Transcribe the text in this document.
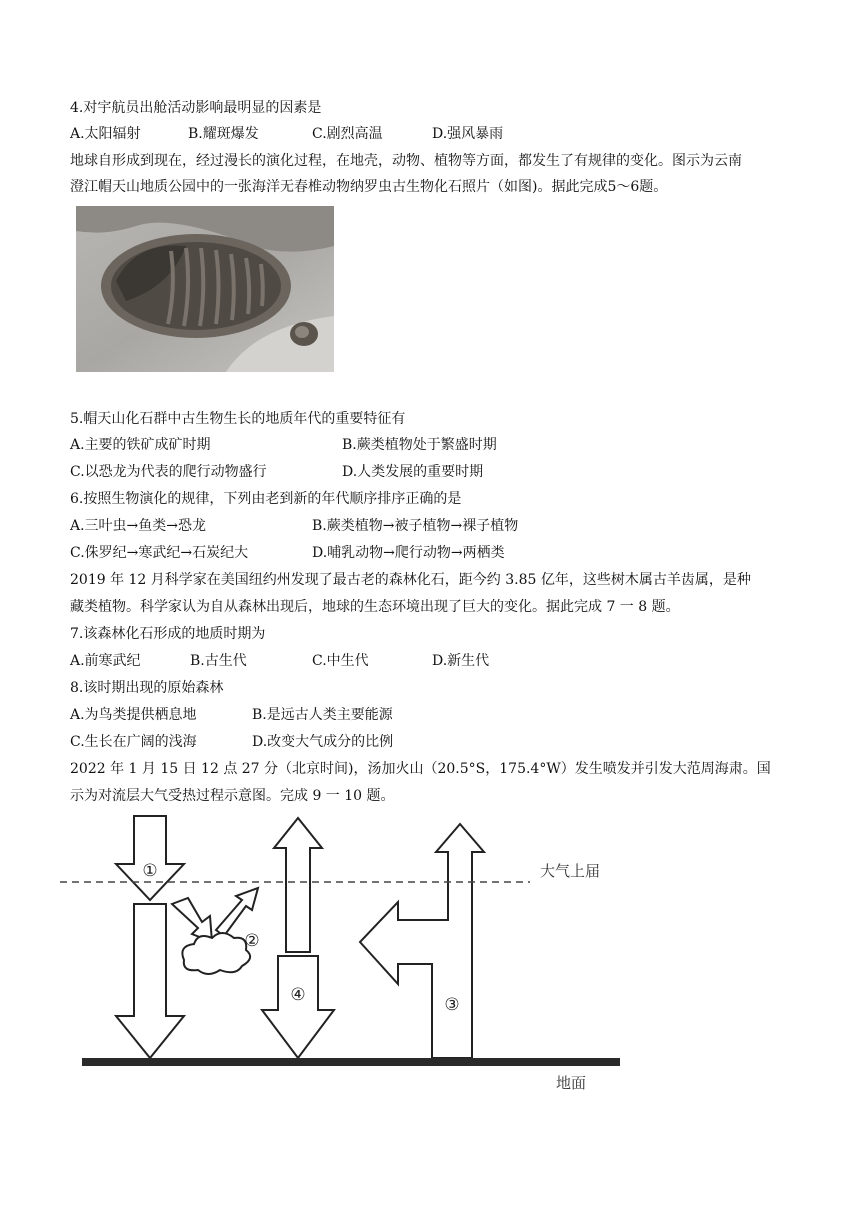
4.对宇航员出舱活动影响最明显的因素是
A.太阳辐射	B.耀斑爆发	C.剧烈高温	D.强风暴雨
地球自形成到现在，经过漫长的演化过程，在地壳，动物、植物等方面，都发生了有规律的变化。图示为云南
澄江帽天山地质公园中的一张海洋无春椎动物纳罗虫古生物化石照片（如图)。据此完成5～6题。
5.帽天山化石群中古生物生长的地质年代的重要特征有
A.主要的铁矿成矿时期	B.蕨类植物处于繁盛时期
C.以恐龙为代表的爬行动物盛行	D.人类发展的重要时期
6.按照生物演化的规律，下列由老到新的年代顺序排序正确的是
A.三叶虫→鱼类→恐龙	B.蕨类植物→被子植物→裸子植物
C.侏罗纪→寒武纪→石炭纪大	D.哺乳动物→爬行动物→两栖类
2019 年 12 月科学家在美国纽约州发现了最古老的森林化石，距今约 3.85 亿年，这些树木属古羊齿属，是种
藏类植物。科学家认为自从森林出现后，地球的生态环境出现了巨大的变化。据此完成 7 一 8 题。
7.该森林化石形成的地质时期为
A.前寒武纪	B.古生代	C.中生代	D.新生代
8.该时期出现的原始森林
A.为鸟类提供栖息地	B.是远古人类主要能源
C.生长在广阔的浅海	D.改变大气成分的比例
2022 年 1 月 15 日 12 点 27 分（北京时间)，汤加火山（20.5°S，175.4°W）发生喷发并引发大范周海肃。国
示为对流层大气受热过程示意图。完成 9 一 10 题。
①
②
④	③
大气上届
地面
